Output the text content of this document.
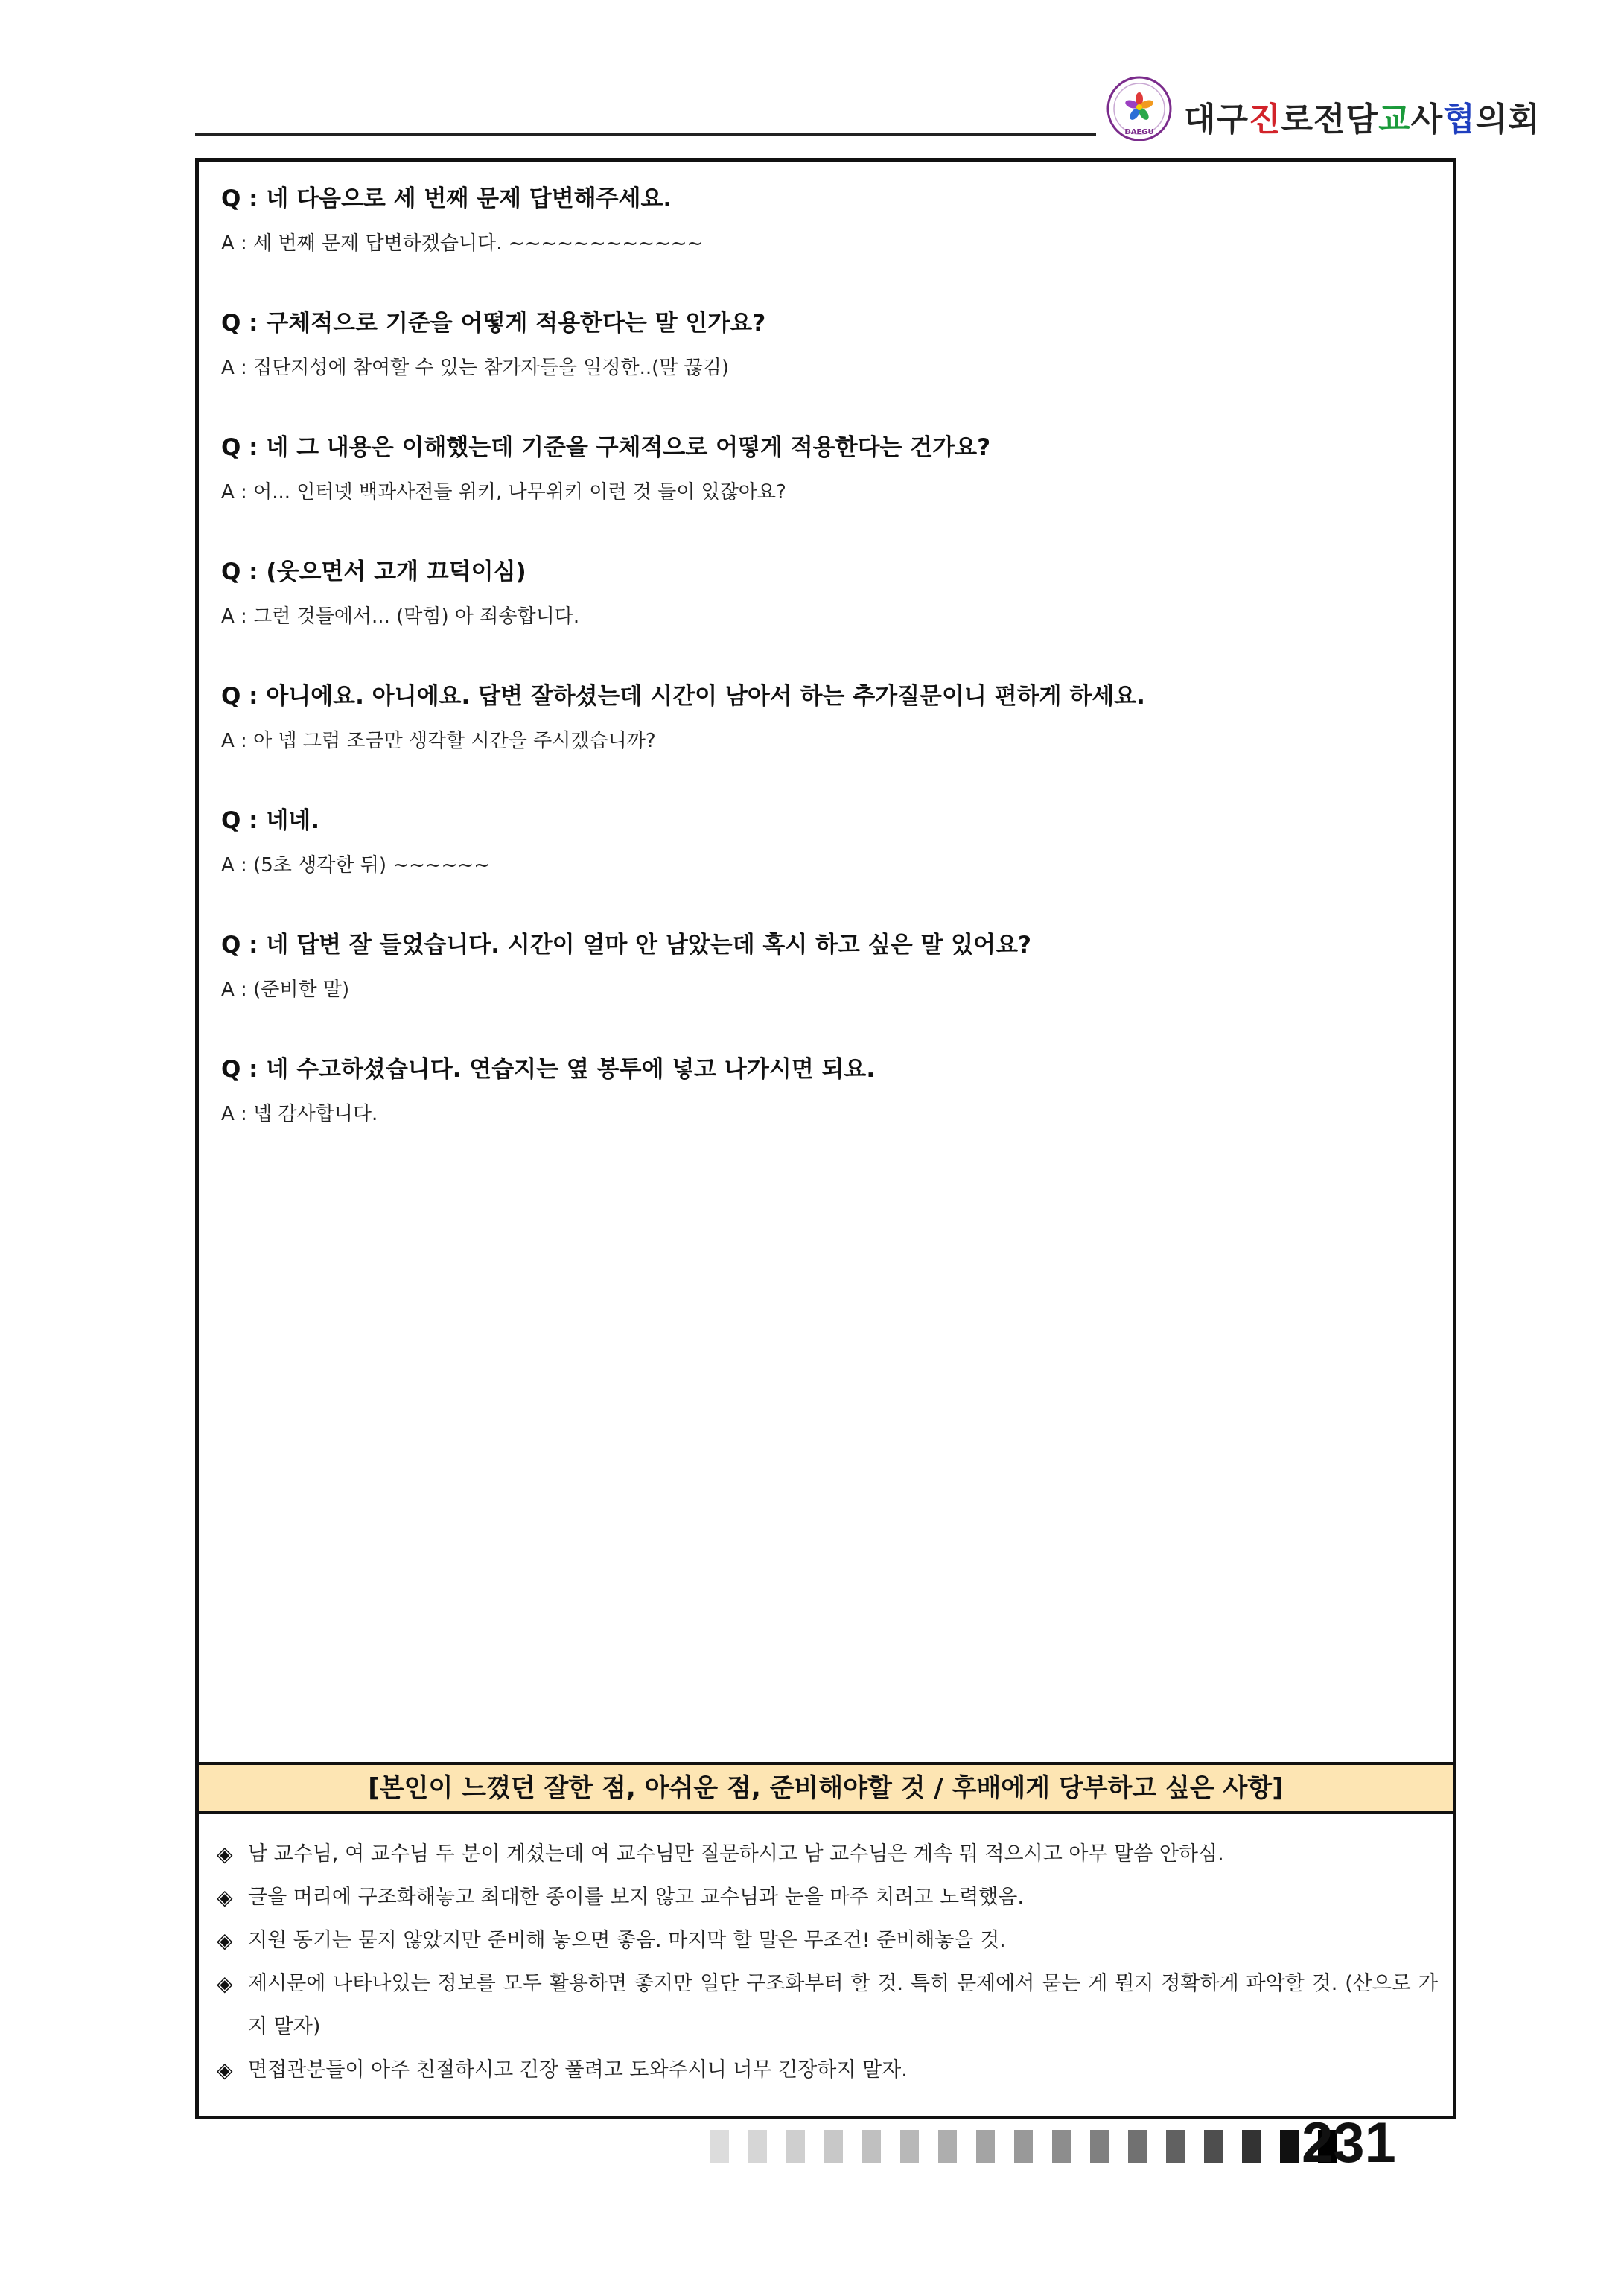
DAEGU 대구진로전담교사협의회
Q : 네 다음으로 세 번째 문제 답변해주세요.
A : 세 번째 문제 답변하겠습니다. ~~~~~~~~~~~~
Q : 구체적으로 기준을 어떻게 적용한다는 말 인가요?
A : 집단지성에 참여할 수 있는 참가자들을 일정한..(말 끊김)
Q : 네 그 내용은 이해했는데 기준을 구체적으로 어떻게 적용한다는 건가요?
A : 어... 인터넷 백과사전들 위키, 나무위키 이런 것 들이 있잖아요?
Q : (웃으면서 고개 끄덕이심)
A : 그런 것들에서... (막힘) 아 죄송합니다.
Q : 아니에요. 아니에요. 답변 잘하셨는데 시간이 남아서 하는 추가질문이니 편하게 하세요.
A : 아 넵 그럼 조금만 생각할 시간을 주시겠습니까?
Q : 네네.
A : (5초 생각한 뒤) ~~~~~~
Q : 네 답변 잘 들었습니다. 시간이 얼마 안 남았는데 혹시 하고 싶은 말 있어요?
A : (준비한 말)
Q : 네 수고하셨습니다. 연습지는 옆 봉투에 넣고 나가시면 되요.
A : 넵 감사합니다.
[본인이 느꼈던 잘한 점, 아쉬운 점, 준비해야할 것 / 후배에게 당부하고 싶은 사항]
◈ 남 교수님, 여 교수님 두 분이 계셨는데 여 교수님만 질문하시고 남 교수님은 계속 뭐 적으시고 아무 말씀 안하심.
◈ 글을 머리에 구조화해놓고 최대한 종이를 보지 않고 교수님과 눈을 마주 치려고 노력했음.
◈ 지원 동기는 묻지 않았지만 준비해 놓으면 좋음. 마지막 할 말은 무조건! 준비해놓을 것.
◈ 제시문에 나타나있는 정보를 모두 활용하면 좋지만 일단 구조화부터 할 것. 특히 문제에서 묻는 게 뭔지 정확하게 파악할 것. (산으로 가지 말자)
◈ 면접관분들이 아주 친절하시고 긴장 풀려고 도와주시니 너무 긴장하지 말자.
231
